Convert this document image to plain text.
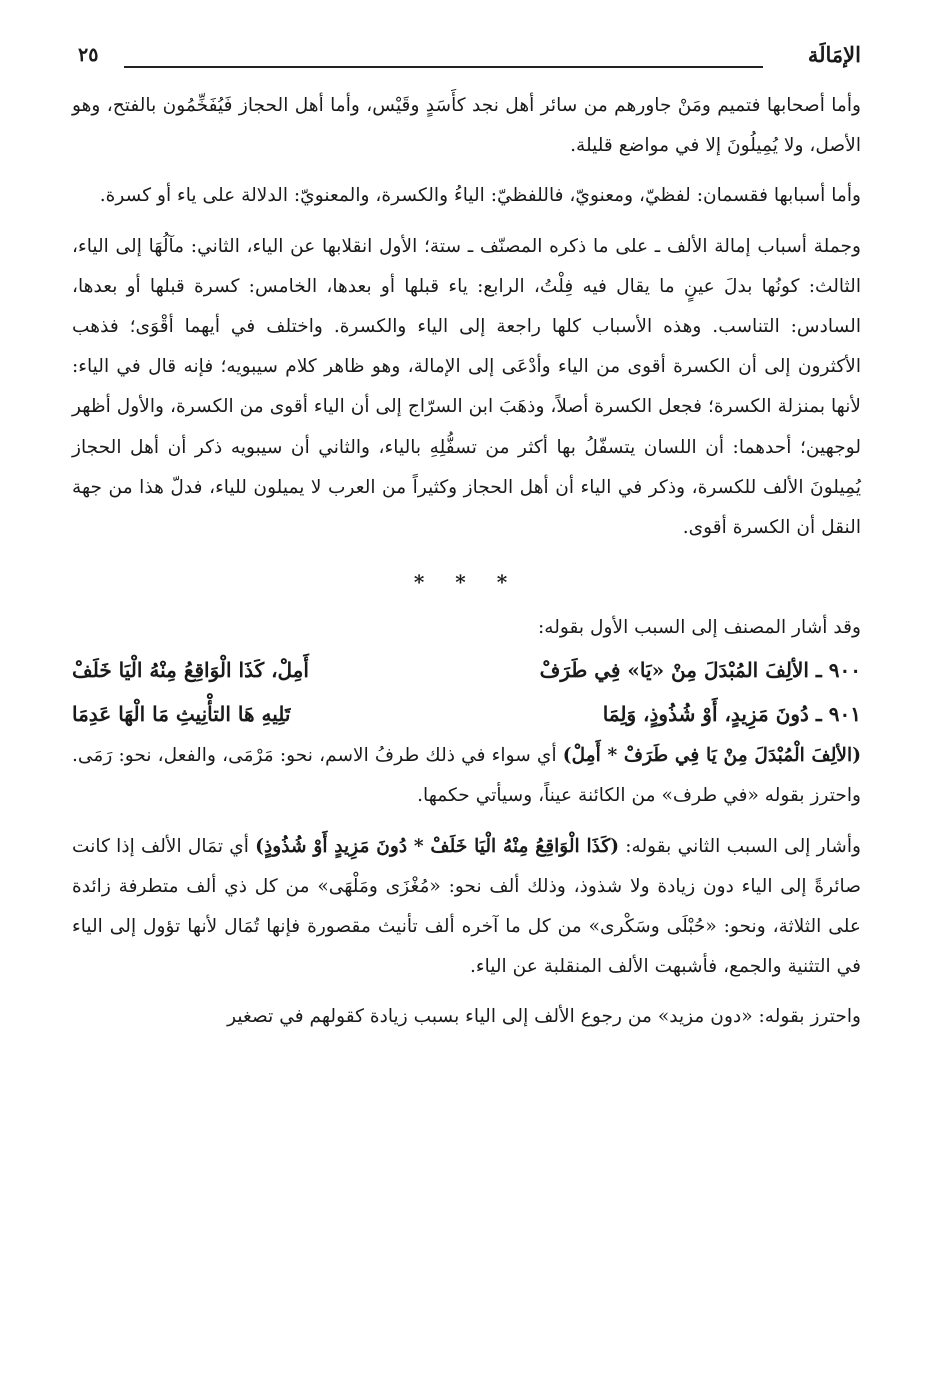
الإمَالَة
٢٥

وأما أصحابها فتميم ومَنْ جاورهم من سائر أهل نجد كأَسَدٍ وقَيْس، وأما أهل الحجاز فَيُفَخِّمُون بالفتح، وهو الأصل، ولا يُمِيلُونَ إلا في مواضع قليلة.

وأما أسبابها فقسمان: لفظيّ، ومعنويّ، فاللفظيّ: الياءُ والكسرة، والمعنويّ: الدلالة على ياء أو كسرة.

وجملة أسباب إمالة الألف ـ على ما ذكره المصنّف ـ ستة؛ الأول انقلابها عن الياء، الثاني: مآلُهَا إلى الياء، الثالث: كونُها بدلَ عينٍ ما يقال فيه فِلْتُ، الرابع: ياء قبلها أو بعدها، الخامس: كسرة قبلها أو بعدها، السادس: التناسب. وهذه الأسباب كلها راجعة إلى الياء والكسرة. واختلف في أيهما أقْوَى؛ فذهب الأكثرون إلى أن الكسرة أقوى من الياء وأدْعَى إلى الإمالة، وهو ظاهر كلام سيبويه؛ فإنه قال في الياء: لأنها بمنزلة الكسرة؛ فجعل الكسرة أصلاً، وذهَبَ ابن السرّاج إلى أن الياء أقوى من الكسرة، والأول أظهر لوجهين؛ أحدهما: أن اللسان يتسفّلُ بها أكثر من تسفُّلِهِ بالياء، والثاني أن سيبويه ذكر أن أهل الحجاز يُمِيلونَ الألف للكسرة، وذكر في الياء أن أهل الحجاز وكثيراً من العرب لا يميلون للياء، فدلّ هذا من جهة النقل أن الكسرة أقوى.

* * *

وقد أشار المصنف إلى السبب الأول بقوله:

٩٠٠ ـ الألِفَ المُبْدَلَ مِنْ «يَا» فِي طَرَفْ
أَمِلْ، كَذَا الْوَاقِعُ مِنْهُ الْيَا خَلَفْ
٩٠١ ـ دُونَ مَزِيدٍ، أَوْ شُذُوذٍ، وَلِمَا
تَلِيهِ هَا التأْنِيثِ مَا الْهَا عَدِمَا

(الألِفَ الْمُبْدَلَ مِنْ يَا فِي طَرَفْ * أَمِلْ) أي سواء في ذلك طرفُ الاسم، نحو: مَرْمَى، والفعل، نحو: رَمَى. واحترز بقوله «في طرف» من الكائنة عيناً، وسيأتي حكمها.

وأشار إلى السبب الثاني بقوله: (كَذَا الْوَاقِعُ مِنْهُ الْيَا خَلَفْ * دُونَ مَزِيدٍ أَوْ شُذُوذٍ) أي تمَال الألف إذا كانت صائرةً إلى الياء دون زيادة ولا شذوذ، وذلك ألف نحو: «مُغْزَى ومَلْهَى» من كل ذي ألف متطرفة زائدة على الثلاثة، ونحو: «حُبْلَى وسَكْرى» من كل ما آخره ألف تأنيث مقصورة فإنها تُمَال لأنها تؤول إلى الياء في التثنية والجمع، فأشبهت الألف المنقلبة عن الياء.

واحترز بقوله: «دون مزيد» من رجوع الألف إلى الياء بسبب زيادة كقولهم في تصغير
